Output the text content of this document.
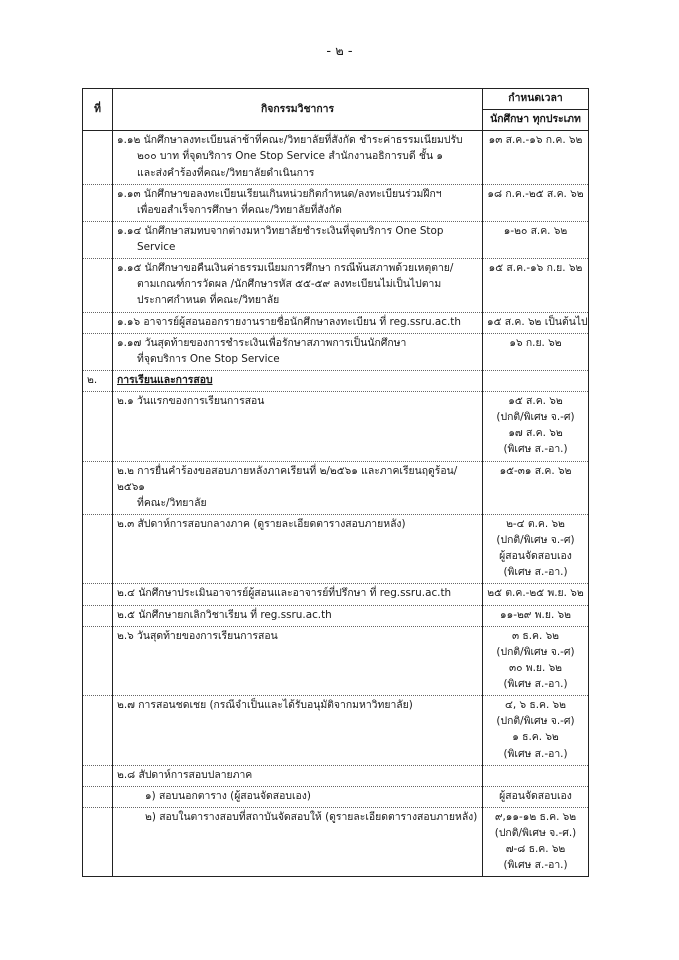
- ๒ -
ที่	กิจกรรมวิชาการ	กำหนดเวลา
		นักศึกษา ทุกประเภท

	๑.๑๒ นักศึกษาลงทะเบียนล่าช้าที่คณะ/วิทยาลัยที่สังกัด ชำระค่าธรรมเนียมปรับ
๒๐๐ บาท ที่จุดบริการ One Stop Service สำนักงานอธิการบดี ชั้น ๑
และส่งคำร้องที่คณะ/วิทยาลัยดำเนินการ	๑๓ ส.ค.-๑๖ ก.ค. ๖๒

	๑.๑๓ นักศึกษาขอลงทะเบียนเรียนเกินหน่วยกิตกำหนด/ลงทะเบียนร่วมฝึกฯ
เพื่อขอสำเร็จการศึกษา ที่คณะ/วิทยาลัยที่สังกัด	๑๘ ก.ค.-๒๕ ส.ค. ๖๒

	๑.๑๔ นักศึกษาสมทบจากต่างมหาวิทยาลัยชำระเงินที่จุดบริการ One Stop
Service	๑-๒๐ ส.ค. ๖๒

	๑.๑๕ นักศึกษาขอคืนเงินค่าธรรมเนียมการศึกษา กรณีพ้นสภาพด้วยเหตุตาย/
ตามเกณฑ์การวัดผล /นักศึกษารหัส ๕๕-๕๙ ลงทะเบียนไม่เป็นไปตาม
ประกาศกำหนด ที่คณะ/วิทยาลัย	๑๕ ส.ค.-๑๖ ก.ย. ๖๒

	๑.๑๖ อาจารย์ผู้สอนออกรายงานรายชื่อนักศึกษาลงทะเบียน ที่ reg.ssru.ac.th	๑๕ ส.ค. ๖๒ เป็นต้นไป

	๑.๑๗ วันสุดท้ายของการชำระเงินเพื่อรักษาสภาพการเป็นนักศึกษา
ที่จุดบริการ One Stop Service	๑๖ ก.ย. ๖๒

๒.	การเรียนและการสอบ	

	๒.๑ วันแรกของการเรียนการสอน	๑๕ ส.ค. ๖๒
(ปกติ/พิเศษ จ.-ศ)
๑๗ ส.ค. ๖๒
(พิเศษ ส.-อา.)

	๒.๒ การยื่นคำร้องขอสอบภายหลังภาคเรียนที่ ๒/๒๕๖๑ และภาคเรียนฤดูร้อน/๒๕๖๑
ที่คณะ/วิทยาลัย	๑๕-๓๑ ส.ค. ๖๒

	๒.๓ สัปดาห์การสอบกลางภาค (ดูรายละเอียดตารางสอบภายหลัง)	๒-๔ ต.ค. ๖๒
(ปกติ/พิเศษ จ.-ศ)
ผู้สอนจัดสอบเอง
(พิเศษ ส.-อา.)

	๒.๔ นักศึกษาประเมินอาจารย์ผู้สอนและอาจารย์ที่ปรึกษา ที่ reg.ssru.ac.th	๒๕ ต.ค.-๒๕ พ.ย. ๖๒

	๒.๕ นักศึกษายกเลิกวิชาเรียน ที่ reg.ssru.ac.th	๑๑-๒๙ พ.ย. ๖๒

	๒.๖ วันสุดท้ายของการเรียนการสอน	๓ ธ.ค. ๖๒
(ปกติ/พิเศษ จ.-ศ)
๓๐ พ.ย. ๖๒
(พิเศษ ส.-อา.)

	๒.๗ การสอนชดเชย (กรณีจำเป็นและได้รับอนุมัติจากมหาวิทยาลัย)	๔, ๖ ธ.ค. ๖๒
(ปกติ/พิเศษ จ.-ศ)
๑ ธ.ค. ๖๒
(พิเศษ ส.-อา.)

	๒.๘ สัปดาห์การสอบปลายภาค	

	๑) สอบนอกตาราง (ผู้สอนจัดสอบเอง)	ผู้สอนจัดสอบเอง

	๒) สอบในตารางสอบที่สถาบันจัดสอบให้ (ดูรายละเอียดตารางสอบภายหลัง)	๙,๑๑-๑๒ ธ.ค. ๖๒
(ปกติ/พิเศษ จ.-ศ.)
๗-๘ ธ.ค. ๖๒
(พิเศษ ส.-อา.)
